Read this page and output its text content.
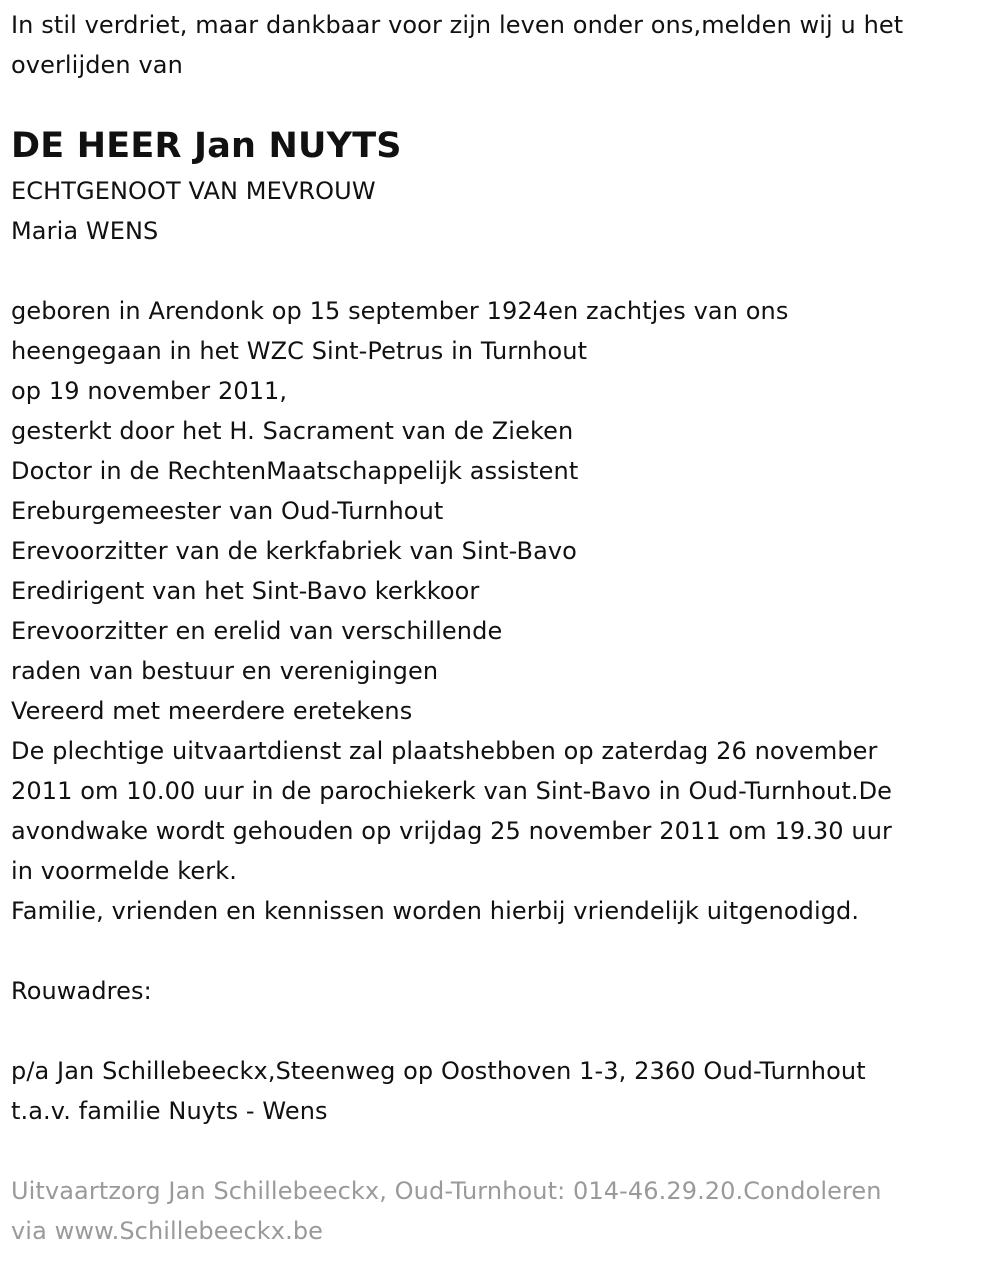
In stil verdriet, maar dankbaar voor zijn leven onder ons,melden wij u het
overlijden van
DE HEER Jan NUYTS
ECHTGENOOT VAN MEVROUW
Maria WENS
geboren in Arendonk op 15 september 1924en zachtjes van ons
heengegaan in het WZC Sint-Petrus in Turnhout
op 19 november 2011,
gesterkt door het H. Sacrament van de Zieken
Doctor in de RechtenMaatschappelijk assistent
Ereburgemeester van Oud-Turnhout
Erevoorzitter van de kerkfabriek van Sint-Bavo
Eredirigent van het Sint-Bavo kerkkoor
Erevoorzitter en erelid van verschillende
raden van bestuur en verenigingen
Vereerd met meerdere eretekens
De plechtige uitvaartdienst zal plaatshebben op zaterdag 26 november
2011 om 10.00 uur in de parochiekerk van Sint-Bavo in Oud-Turnhout.De
avondwake wordt gehouden op vrijdag 25 november 2011 om 19.30 uur
in voormelde kerk.
Familie, vrienden en kennissen worden hierbij vriendelijk uitgenodigd.
Rouwadres:
p/a Jan Schillebeeckx,Steenweg op Oosthoven 1-3, 2360 Oud-Turnhout
t.a.v. familie Nuyts - Wens
Uitvaartzorg Jan Schillebeeckx, Oud-Turnhout: 014-46.29.20.Condoleren
via www.Schillebeeckx.be
